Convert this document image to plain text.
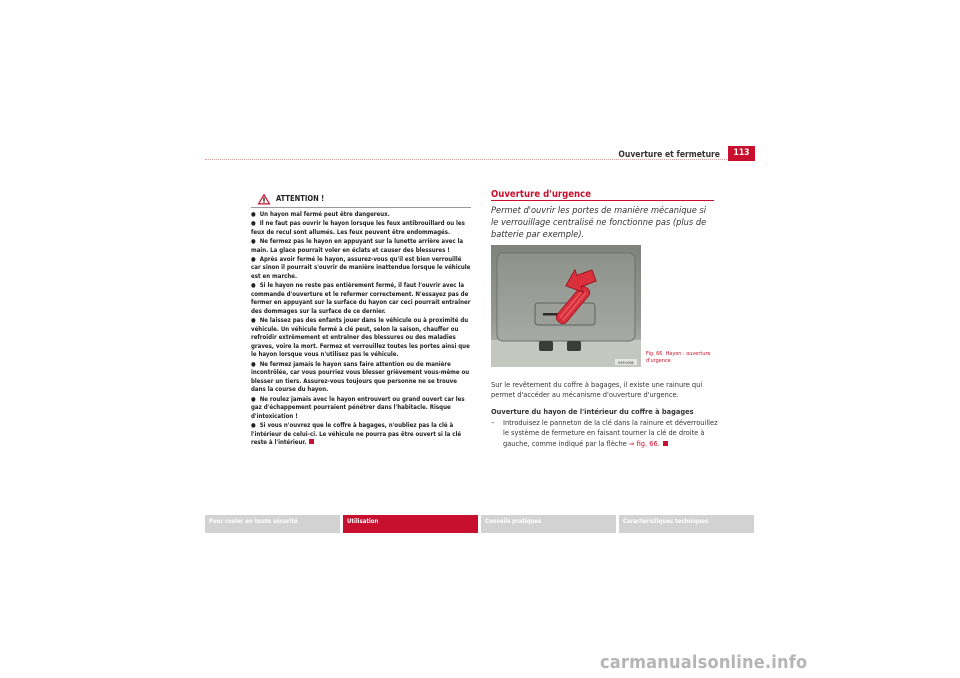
Ouverture et fermeture	113
ATTENTION !
● Un hayon mal fermé peut être dangereux.
● Il ne faut pas ouvrir le hayon lorsque les feux antibrouillard ou les feux de recul sont allumés. Les feux peuvent être endommagés.
● Ne fermez pas le hayon en appuyant sur la lunette arrière avec la main. La glace pourrait voler en éclats et causer des blessures !
● Après avoir fermé le hayon, assurez-vous qu'il est bien verrouillé car sinon il pourrait s'ouvrir de manière inattendue lorsque le véhicule est en marche.
● Si le hayon ne reste pas entièrement fermé, il faut l'ouvrir avec la commande d'ouverture et le refermer correctement. N'essayez pas de fermer en appuyant sur la surface du hayon car ceci pourrait entraîner des dommages sur la surface de ce dernier.
● Ne laissez pas des enfants jouer dans le véhicule ou à proximité du véhicule. Un véhicule fermé à clé peut, selon la saison, chauffer ou refroidir extrêmement et entraîner des blessures ou des maladies graves, voire la mort. Fermez et verrouillez toutes les portes ainsi que le hayon lorsque vous n'utilisez pas le véhicule.
● Ne fermez jamais le hayon sans faire attention ou de manière incontrôlée, car vous pourriez vous blesser grièvement vous-même ou blesser un tiers. Assurez-vous toujours que personne ne se trouve dans la course du hayon.
● Ne roulez jamais avec le hayon entrouvert ou grand ouvert car les gaz d'échappement pourraient pénétrer dans l'habitacle. Risque d'intoxication !
● Si vous n'ouvrez que le coffre à bagages, n'oubliez pas la clé à l'intérieur de celui-ci. Le véhicule ne pourra pas être ouvert si la clé reste à l'intérieur.
Ouverture d'urgence
Permet d'ouvrir les portes de manière mécanique si le verrouillage centralisé ne fonctionne pas (plus de batterie par exemple).
B5P-0098
Fig. 66 Hayon : ouverture d'urgence
Sur le revêtement du coffre à bagages, il existe une rainure qui permet d'accéder au mécanisme d'ouverture d'urgence.
Ouverture du hayon de l'intérieur du coffre à bagages
– Introduisez le panneton de la clé dans la rainure et déverrouillez le système de fermeture en faisant tourner la clé de droite à gauche, comme indiqué par la flèche ⇒ fig. 66.
Pour rouler en toute sécurité	Utilisation	Conseils pratiques	Caractéristiques techniques
carmanualsonline.info
